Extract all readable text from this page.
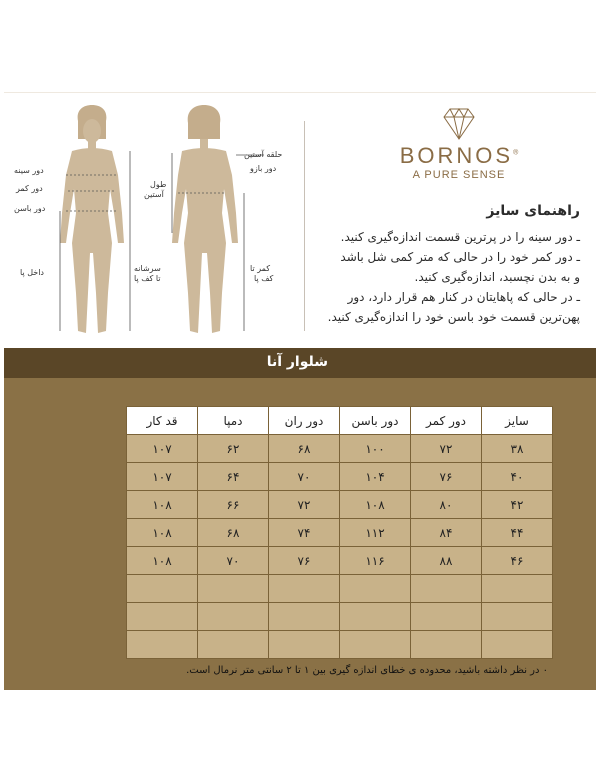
دور سینه
دور کمر
دور باسن
داخل پا	سرشانه
تا کف پا
طول
آستین
حلقه آستین
دور بازو
کمر تا
کف پا
BORNOS®
A PURE SENSE
راهنمای سایز
ـ دور سینه را در پرترین قسمت اندازه‌گیری کنید.
ـ دور کمر خود را در حالی که متر کمی شل باشد
و به بدن نچسبد، اندازه‌گیری کنید.
ـ در حالی که پاهایتان در کنار هم قرار دارد، دور
پهن‌ترین قسمت خود باسن خود را اندازه‌گیری کنید.
شلوار آنا
سایز	دور کمر	دور باسن	دور ران	دمپا	قد کار
۳۸	۷۲	۱۰۰	۶۸	۶۲	۱۰۷
۴۰	۷۶	۱۰۴	۷۰	۶۴	۱۰۷
۴۲	۸۰	۱۰۸	۷۲	۶۶	۱۰۸
۴۴	۸۴	۱۱۲	۷۴	۶۸	۱۰۸
۴۶	۸۸	۱۱۶	۷۶	۷۰	۱۰۸

۰ در نظر داشته باشید، محدوده ی خطای اندازه گیری بین ۱ تا ۲ سانتی متر نرمال است.
